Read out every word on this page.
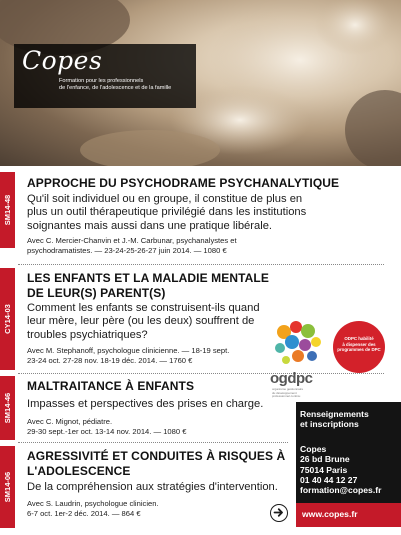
Copes
Formation pour les professionnels
de l'enfance, de l'adolescence et de la famille
SM14-48
APPROCHE DU PSYCHODRAME PSYCHANALYTIQUE
Qu'il soit individuel ou en groupe, il constitue de plus en
plus un outil thérapeutique privilégié dans les institutions
soignantes mais aussi dans une pratique libérale.
Avec C. Mercier-Chanvin et J.-M. Carbunar, psychanalystes et
psychodramatistes. — 23-24-25-26-27 juin 2014. — 1080 €
CY14-03
LES ENFANTS ET LA MALADIE MENTALE
DE LEUR(S) PARENT(S)
Comment les enfants se construisent-ils quand
leur mère, leur père (ou les deux) souffrent de
troubles psychiatriques?
Avec M. Stephanoff, psychologue clinicienne. — 18-19 sept.
23-24 oct. 27-28 nov. 18-19 déc. 2014. — 1760 €
ogdpc
organisme gestionnaire
du développement
professionnel continu
ODPC habilité
à dispenser des
programmes de DPC
SM14-46
MALTRAITANCE À ENFANTS
Impasses et perspectives des prises en charge.
Avec C. Mignot, pédiatre.
29-30 sept.-1er oct. 13-14 nov. 2014. — 1080 €
SM14-06
AGRESSIVITÉ ET CONDUITES À RISQUES À
L'ADOLESCENCE
De la compréhension aux stratégies d'intervention.
Avec S. Laudrin, psychologue clinicien.
6-7 oct. 1er-2 déc. 2014. — 864 €
Renseignements
et inscriptions
Copes
26 bd Brune
75014 Paris
01 40 44 12 27
formation@copes.fr
www.copes.fr
